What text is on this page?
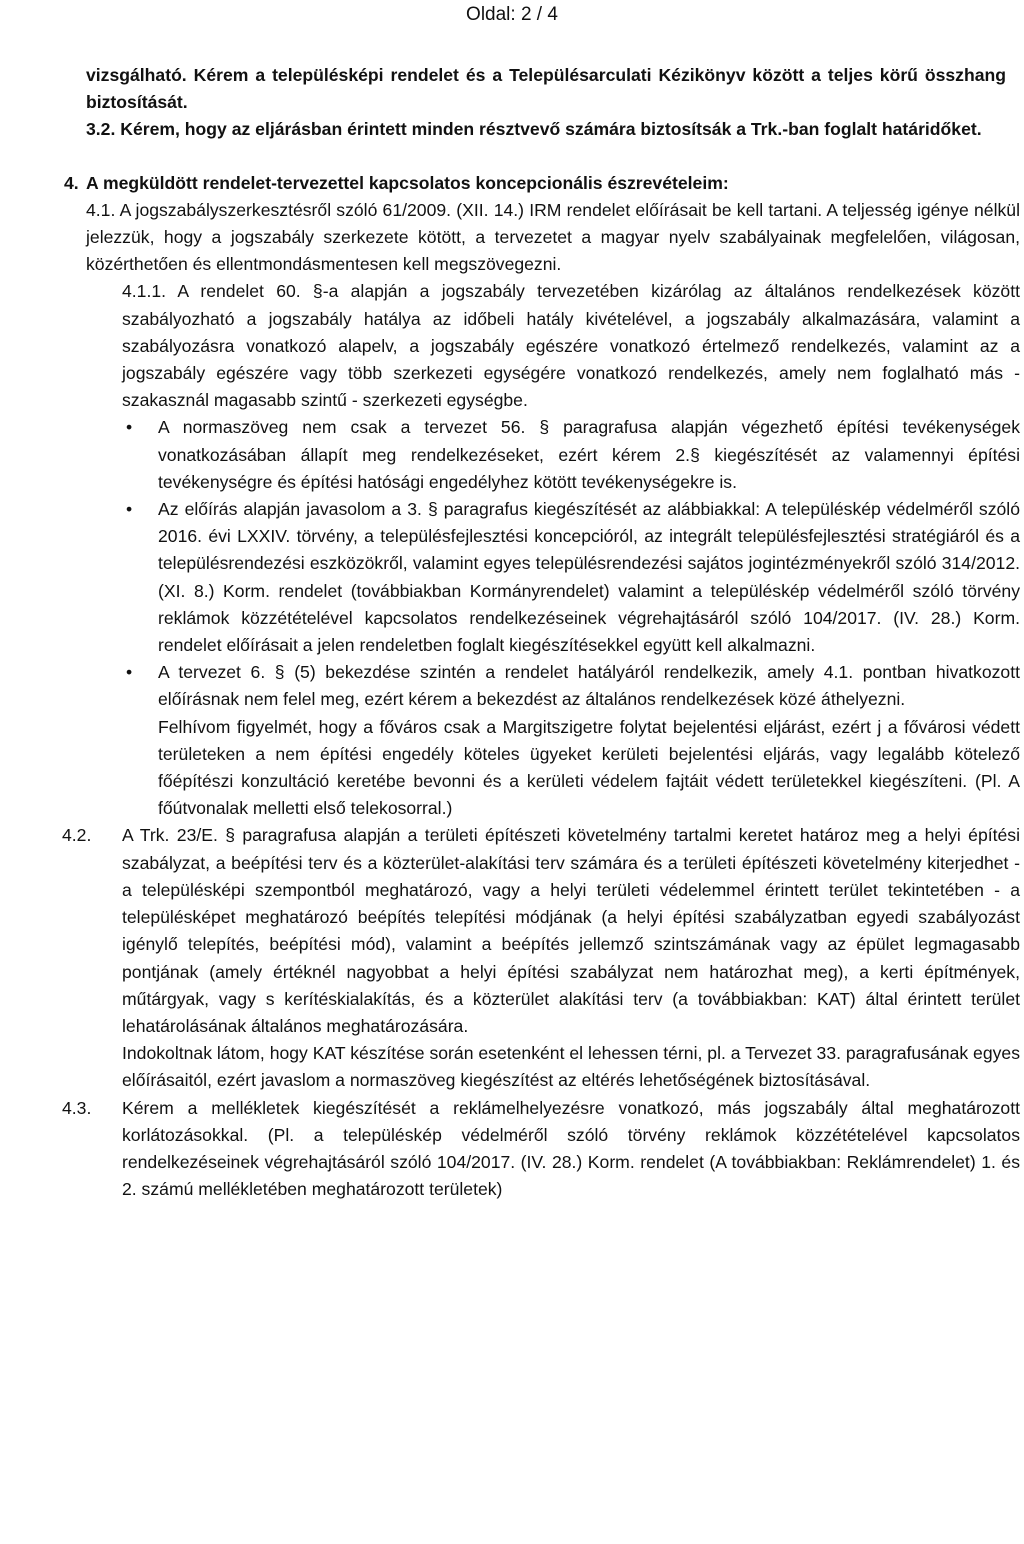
Oldal: 2 / 4

vizsgálható. Kérem a településképi rendelet és a Településarculati Kézikönyv között a teljes körű összhang biztosítását.

3.2. Kérem, hogy az eljárásban érintett minden résztvevő számára biztosítsák a Trk.-ban foglalt határidőket.

4. A megküldött rendelet-tervezettel kapcsolatos koncepcionális észrevételeim:

4.1. A jogszabályszerkesztésről szóló 61/2009. (XII. 14.) IRM rendelet előírásait be kell tartani. A teljesség igénye nélkül jelezzük, hogy a jogszabály szerkezete kötött, a tervezetet a magyar nyelv szabályainak megfelelően, világosan, közérthetően és ellentmondásmentesen kell megszövegezni.

4.1.1. A rendelet 60. §-a alapján a jogszabály tervezetében kizárólag az általános rendelkezések között szabályozható a jogszabály hatálya az időbeli hatály kivételével, a jogszabály alkalmazására, valamint a szabályozásra vonatkozó alapelv, a jogszabály egészére vonatkozó értelmező rendelkezés, valamint az a jogszabály egészére vagy több szerkezeti egységére vonatkozó rendelkezés, amely nem foglalható más - szakasznál magasabb szintű - szerkezeti egységbe.

• A normaszöveg nem csak a tervezet 56. § paragrafusa alapján végezhető építési tevékenységek vonatkozásában állapít meg rendelkezéseket, ezért kérem 2.§ kiegészítését az valamennyi építési tevékenységre és építési hatósági engedélyhez kötött tevékenységekre is.

• Az előírás alapján javasolom a 3. § paragrafus kiegészítését az alábbiakkal: A településkép védelméről szóló 2016. évi LXXIV. törvény, a településfejlesztési koncepcióról, az integrált településfejlesztési stratégiáról és a településrendezési eszközökről, valamint egyes településrendezési sajátos jogintézményekről szóló 314/2012. (XI. 8.) Korm. rendelet (továbbiakban Kormányrendelet) valamint a településkép védelméről szóló törvény reklámok közzétételével kapcsolatos rendelkezéseinek végrehajtásáról szóló 104/2017. (IV. 28.) Korm. rendelet előírásait a jelen rendeletben foglalt kiegészítésekkel együtt kell alkalmazni.

• A tervezet 6. § (5) bekezdése szintén a rendelet hatályáról rendelkezik, amely 4.1. pontban hivatkozott előírásnak nem felel meg, ezért kérem a bekezdést az általános rendelkezések közé áthelyezni.

Felhívom figyelmét, hogy a főváros csak a Margitszigetre folytat bejelentési eljárást, ezért j a fővárosi védett területeken a nem építési engedély köteles ügyeket kerületi bejelentési eljárás, vagy legalább kötelező főépítészi konzultáció keretébe bevonni és a kerületi védelem fajtáit védett területekkel kiegészíteni. (Pl. A főútvonalak melletti első telekosorral.)

4.2. A Trk. 23/E. § paragrafusa alapján a területi építészeti követelmény tartalmi keretet határoz meg a helyi építési szabályzat, a beépítési terv és a közterület-alakítási terv számára és a területi építészeti követelmény kiterjedhet - a településképi szempontból meghatározó, vagy a helyi területi védelemmel érintett terület tekintetében - a településképet meghatározó beépítés telepítési módjának (a helyi építési szabályzatban egyedi szabályozást igénylő telepítés, beépítési mód), valamint a beépítés jellemző szintszámának vagy az épület legmagasabb pontjának (amely értéknél nagyobbat a helyi építési szabályzat nem határozhat meg), a kerti építmények, műtárgyak, vagy s kerítéskialakítás, és a közterület alakítási terv (a továbbiakban: KAT) által érintett terület lehatárolásának általános meghatározására.

Indokoltnak látom, hogy KAT készítése során esetenként el lehessen térni, pl. a Tervezet 33. paragrafusának egyes előírásaitól, ezért javaslom a normaszöveg kiegészítést az eltérés lehetőségének biztosításával.

4.3. Kérem a mellékletek kiegészítését a reklámelhelyezésre vonatkozó, más jogszabály által meghatározott korlátozásokkal. (Pl. a településkép védelméről szóló törvény reklámok közzétételével kapcsolatos rendelkezéseinek végrehajtásáról szóló 104/2017. (IV. 28.) Korm. rendelet (A továbbiakban: Reklámrendelet) 1. és 2. számú mellékletében meghatározott területek)
